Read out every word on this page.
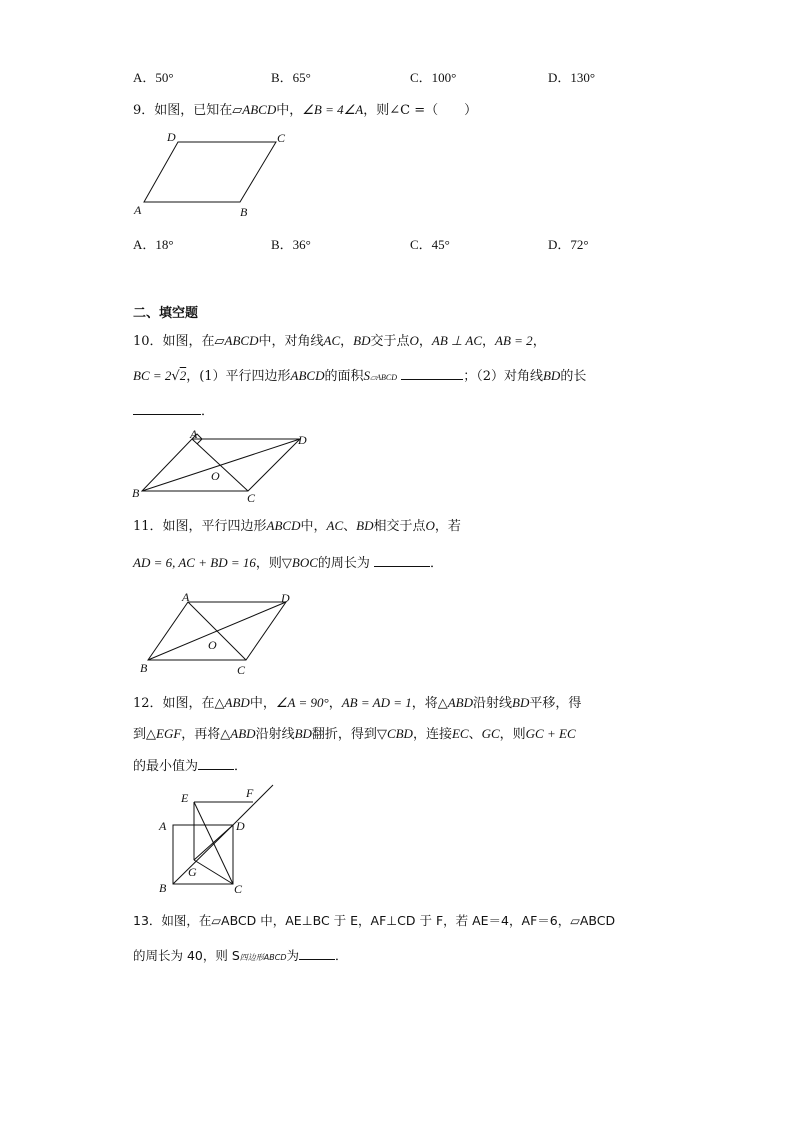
A．50°	B．65°	C．100°	D．130°
9．如图，已知在▱ABCD中，∠B = 4∠A，则∠C =（　　）
A	B
C
D
A．18°	B．36°	C．45°	D．72°
二、填空题
10．如图，在▱ABCD中，对角线AC，BD交于点O，AB ⊥ AC，AB = 2，
BC = 2√2，(1）平行四边形ABCD的面积S▱ABCD	；（2）对角线BD的长
．
A
B	C
D
O
11．如图，平行四边形ABCD中，AC、BD相交于点O，若
AD = 6, AC + BD = 16，则▽BOC的周长为	．
A
B	C
D
O
12．如图，在△ABD中，∠A = 90°，AB = AD = 1，将△ABD沿射线BD平移，得
到△EGF，再将△ABD沿射线BD翻折，得到▽CBD，连接EC、GC，则GC + EC
的最小值为	．
E	F
A	D
G
B	C
13．如图，在▱ABCD 中，AE⊥BC 于 E，AF⊥CD 于 F，若 AE＝4，AF＝6，▱ABCD
的周长为 40，则 S四边形ABCD为	．
